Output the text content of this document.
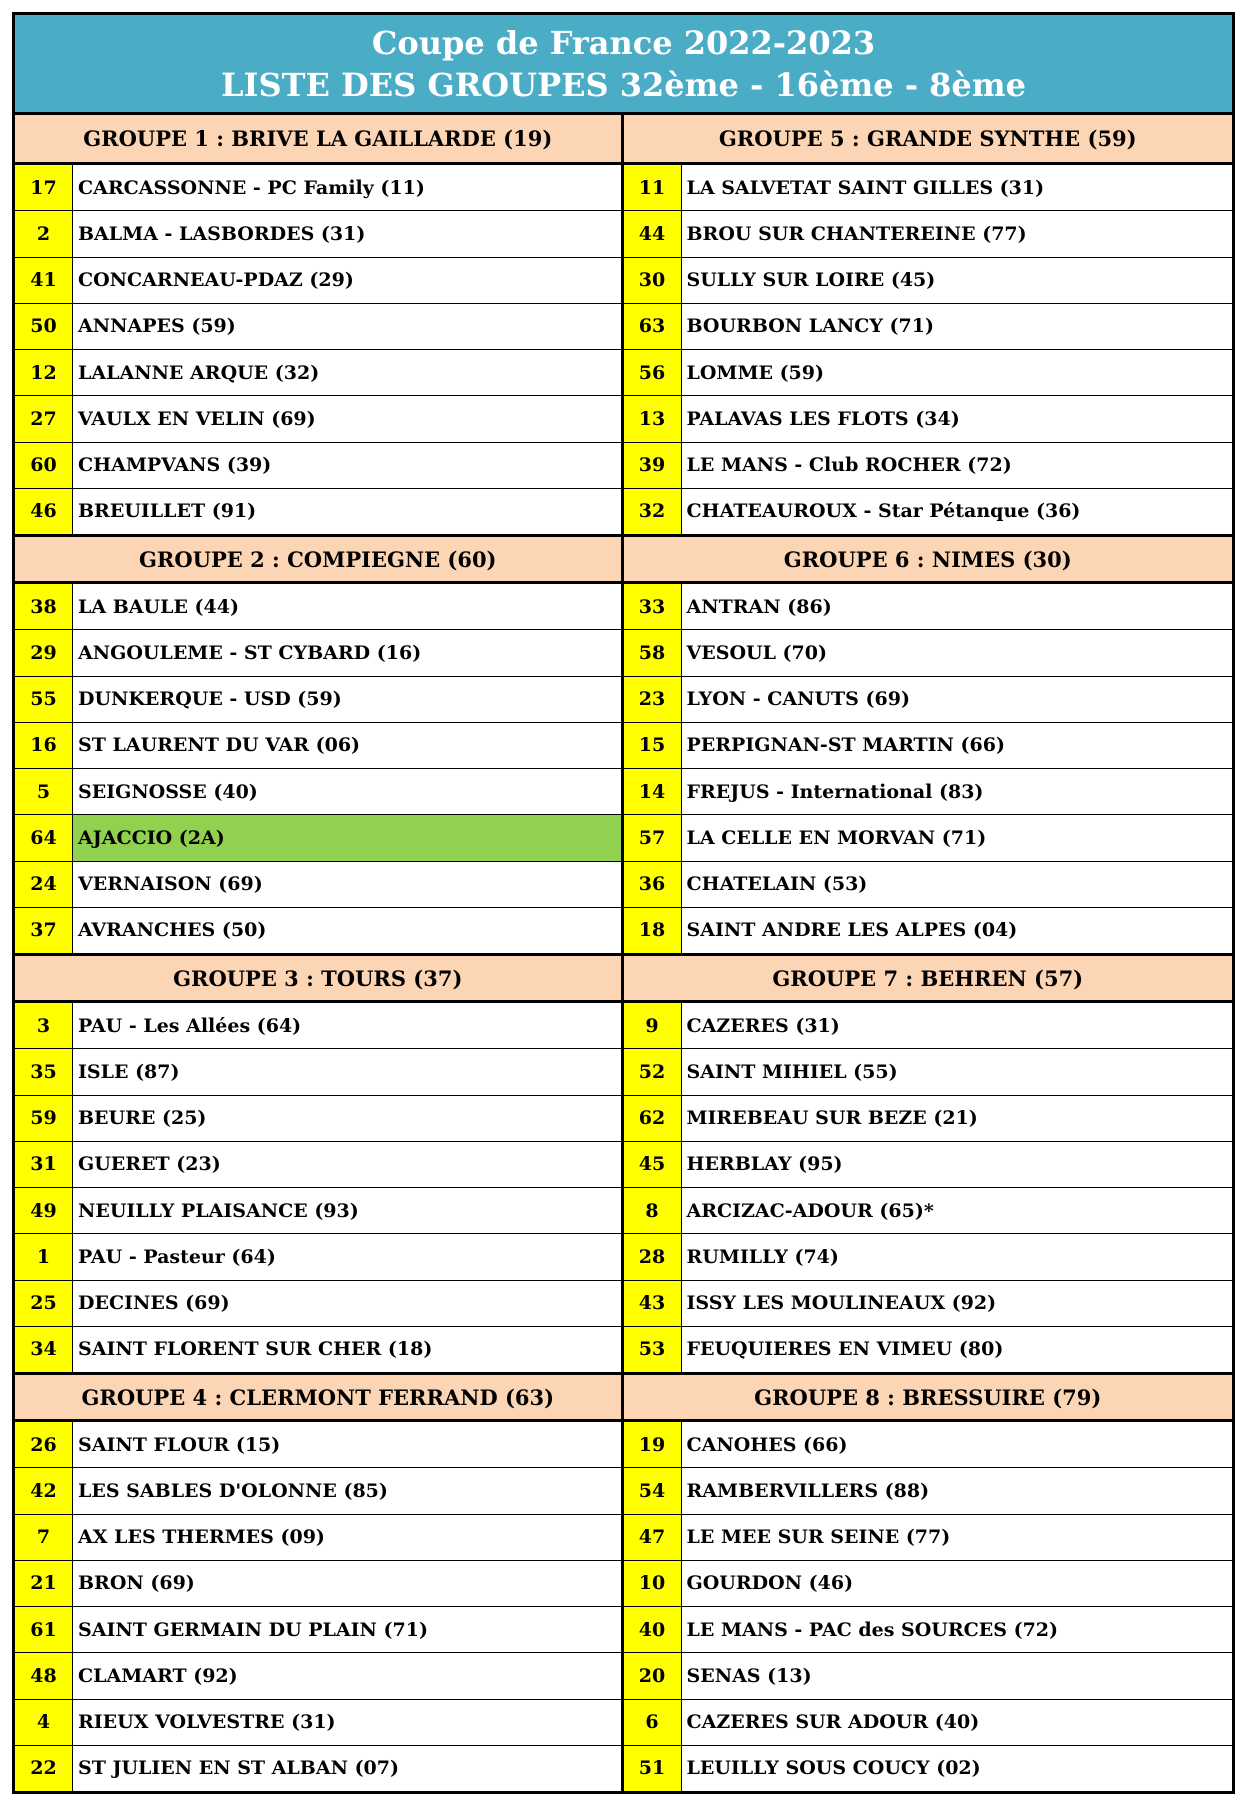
Coupe de France 2022-2023
LISTE DES GROUPES 32ème - 16ème - 8ème
GROUPE 1 : BRIVE LA GAILLARDE (19)
17	CARCASSONNE - PC Family (11)
2	BALMA - LASBORDES (31)
41	CONCARNEAU-PDAZ (29)
50	ANNAPES (59)
12	LALANNE ARQUE (32)
27	VAULX EN VELIN (69)
60	CHAMPVANS (39)
46	BREUILLET (91)
GROUPE 2 : COMPIEGNE (60)
38	LA BAULE (44)
29	ANGOULEME - ST CYBARD (16)
55	DUNKERQUE - USD (59)
16	ST LAURENT DU VAR (06)
5	SEIGNOSSE (40)
64	AJACCIO (2A)
24	VERNAISON (69)
37	AVRANCHES (50)
GROUPE 3 : TOURS (37)
3	PAU - Les Allées (64)
35	ISLE (87)
59	BEURE (25)
31	GUERET (23)
49	NEUILLY PLAISANCE (93)
1	PAU - Pasteur (64)
25	DECINES (69)
34	SAINT FLORENT SUR CHER (18)
GROUPE 4 : CLERMONT FERRAND (63)
26	SAINT FLOUR (15)
42	LES SABLES D'OLONNE (85)
7	AX LES THERMES (09)
21	BRON (69)
61	SAINT GERMAIN DU PLAIN (71)
48	CLAMART (92)
4	RIEUX VOLVESTRE (31)
22	ST JULIEN EN ST ALBAN (07)
GROUPE 5 : GRANDE SYNTHE (59)
11	LA SALVETAT SAINT GILLES (31)
44	BROU SUR CHANTEREINE (77)
30	SULLY SUR LOIRE (45)
63	BOURBON LANCY (71)
56	LOMME (59)
13	PALAVAS LES FLOTS (34)
39	LE MANS - Club ROCHER (72)
32	CHATEAUROUX - Star Pétanque (36)
GROUPE 6 : NIMES (30)
33	ANTRAN (86)
58	VESOUL (70)
23	LYON - CANUTS (69)
15	PERPIGNAN-ST MARTIN (66)
14	FREJUS - International (83)
57	LA CELLE EN MORVAN (71)
36	CHATELAIN (53)
18	SAINT ANDRE LES ALPES (04)
GROUPE 7 : BEHREN (57)
9	CAZERES (31)
52	SAINT MIHIEL (55)
62	MIREBEAU SUR BEZE (21)
45	HERBLAY (95)
8	ARCIZAC-ADOUR (65)*
28	RUMILLY (74)
43	ISSY LES MOULINEAUX (92)
53	FEUQUIERES EN VIMEU (80)
GROUPE 8 : BRESSUIRE (79)
19	CANOHES (66)
54	RAMBERVILLERS (88)
47	LE MEE SUR SEINE (77)
10	GOURDON (46)
40	LE MANS - PAC des SOURCES (72)
20	SENAS (13)
6	CAZERES SUR ADOUR (40)
51	LEUILLY SOUS COUCY (02)
